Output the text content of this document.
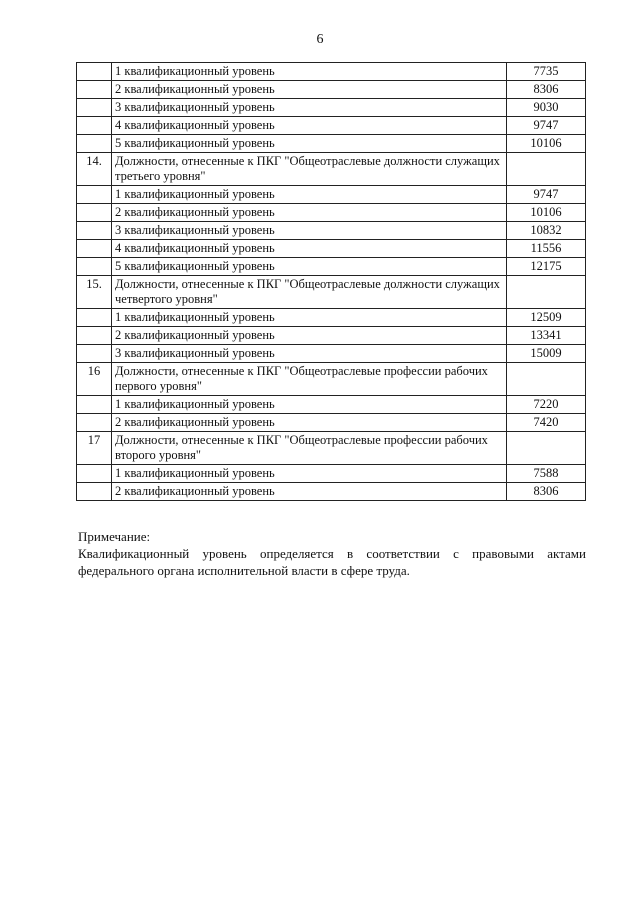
6
	1 квалификационный уровень	7735
	2 квалификационный уровень	8306
	3 квалификационный уровень	9030
	4 квалификационный уровень	9747
	5 квалификационный уровень	10106
14.	Должности, отнесенные к ПКГ "Общеотраслевые должности служащих третьего уровня"	
	1 квалификационный уровень	9747
	2 квалификационный уровень	10106
	3 квалификационный уровень	10832
	4 квалификационный уровень	11556
	5 квалификационный уровень	12175
15.	Должности, отнесенные к ПКГ "Общеотраслевые должности служащих четвертого уровня"	
	1 квалификационный уровень	12509
	2 квалификационный уровень	13341
	3 квалификационный уровень	15009
16	Должности, отнесенные к ПКГ "Общеотраслевые профессии рабочих первого уровня"	
	1 квалификационный уровень	7220
	2 квалификационный уровень	7420
17	Должности, отнесенные к ПКГ "Общеотраслевые профессии рабочих второго уровня"	
	1 квалификационный уровень	7588
	2 квалификационный уровень	8306
Примечание:
Квалификационный уровень определяется в соответствии с правовыми актами федерального органа исполнительной власти в сфере труда.
